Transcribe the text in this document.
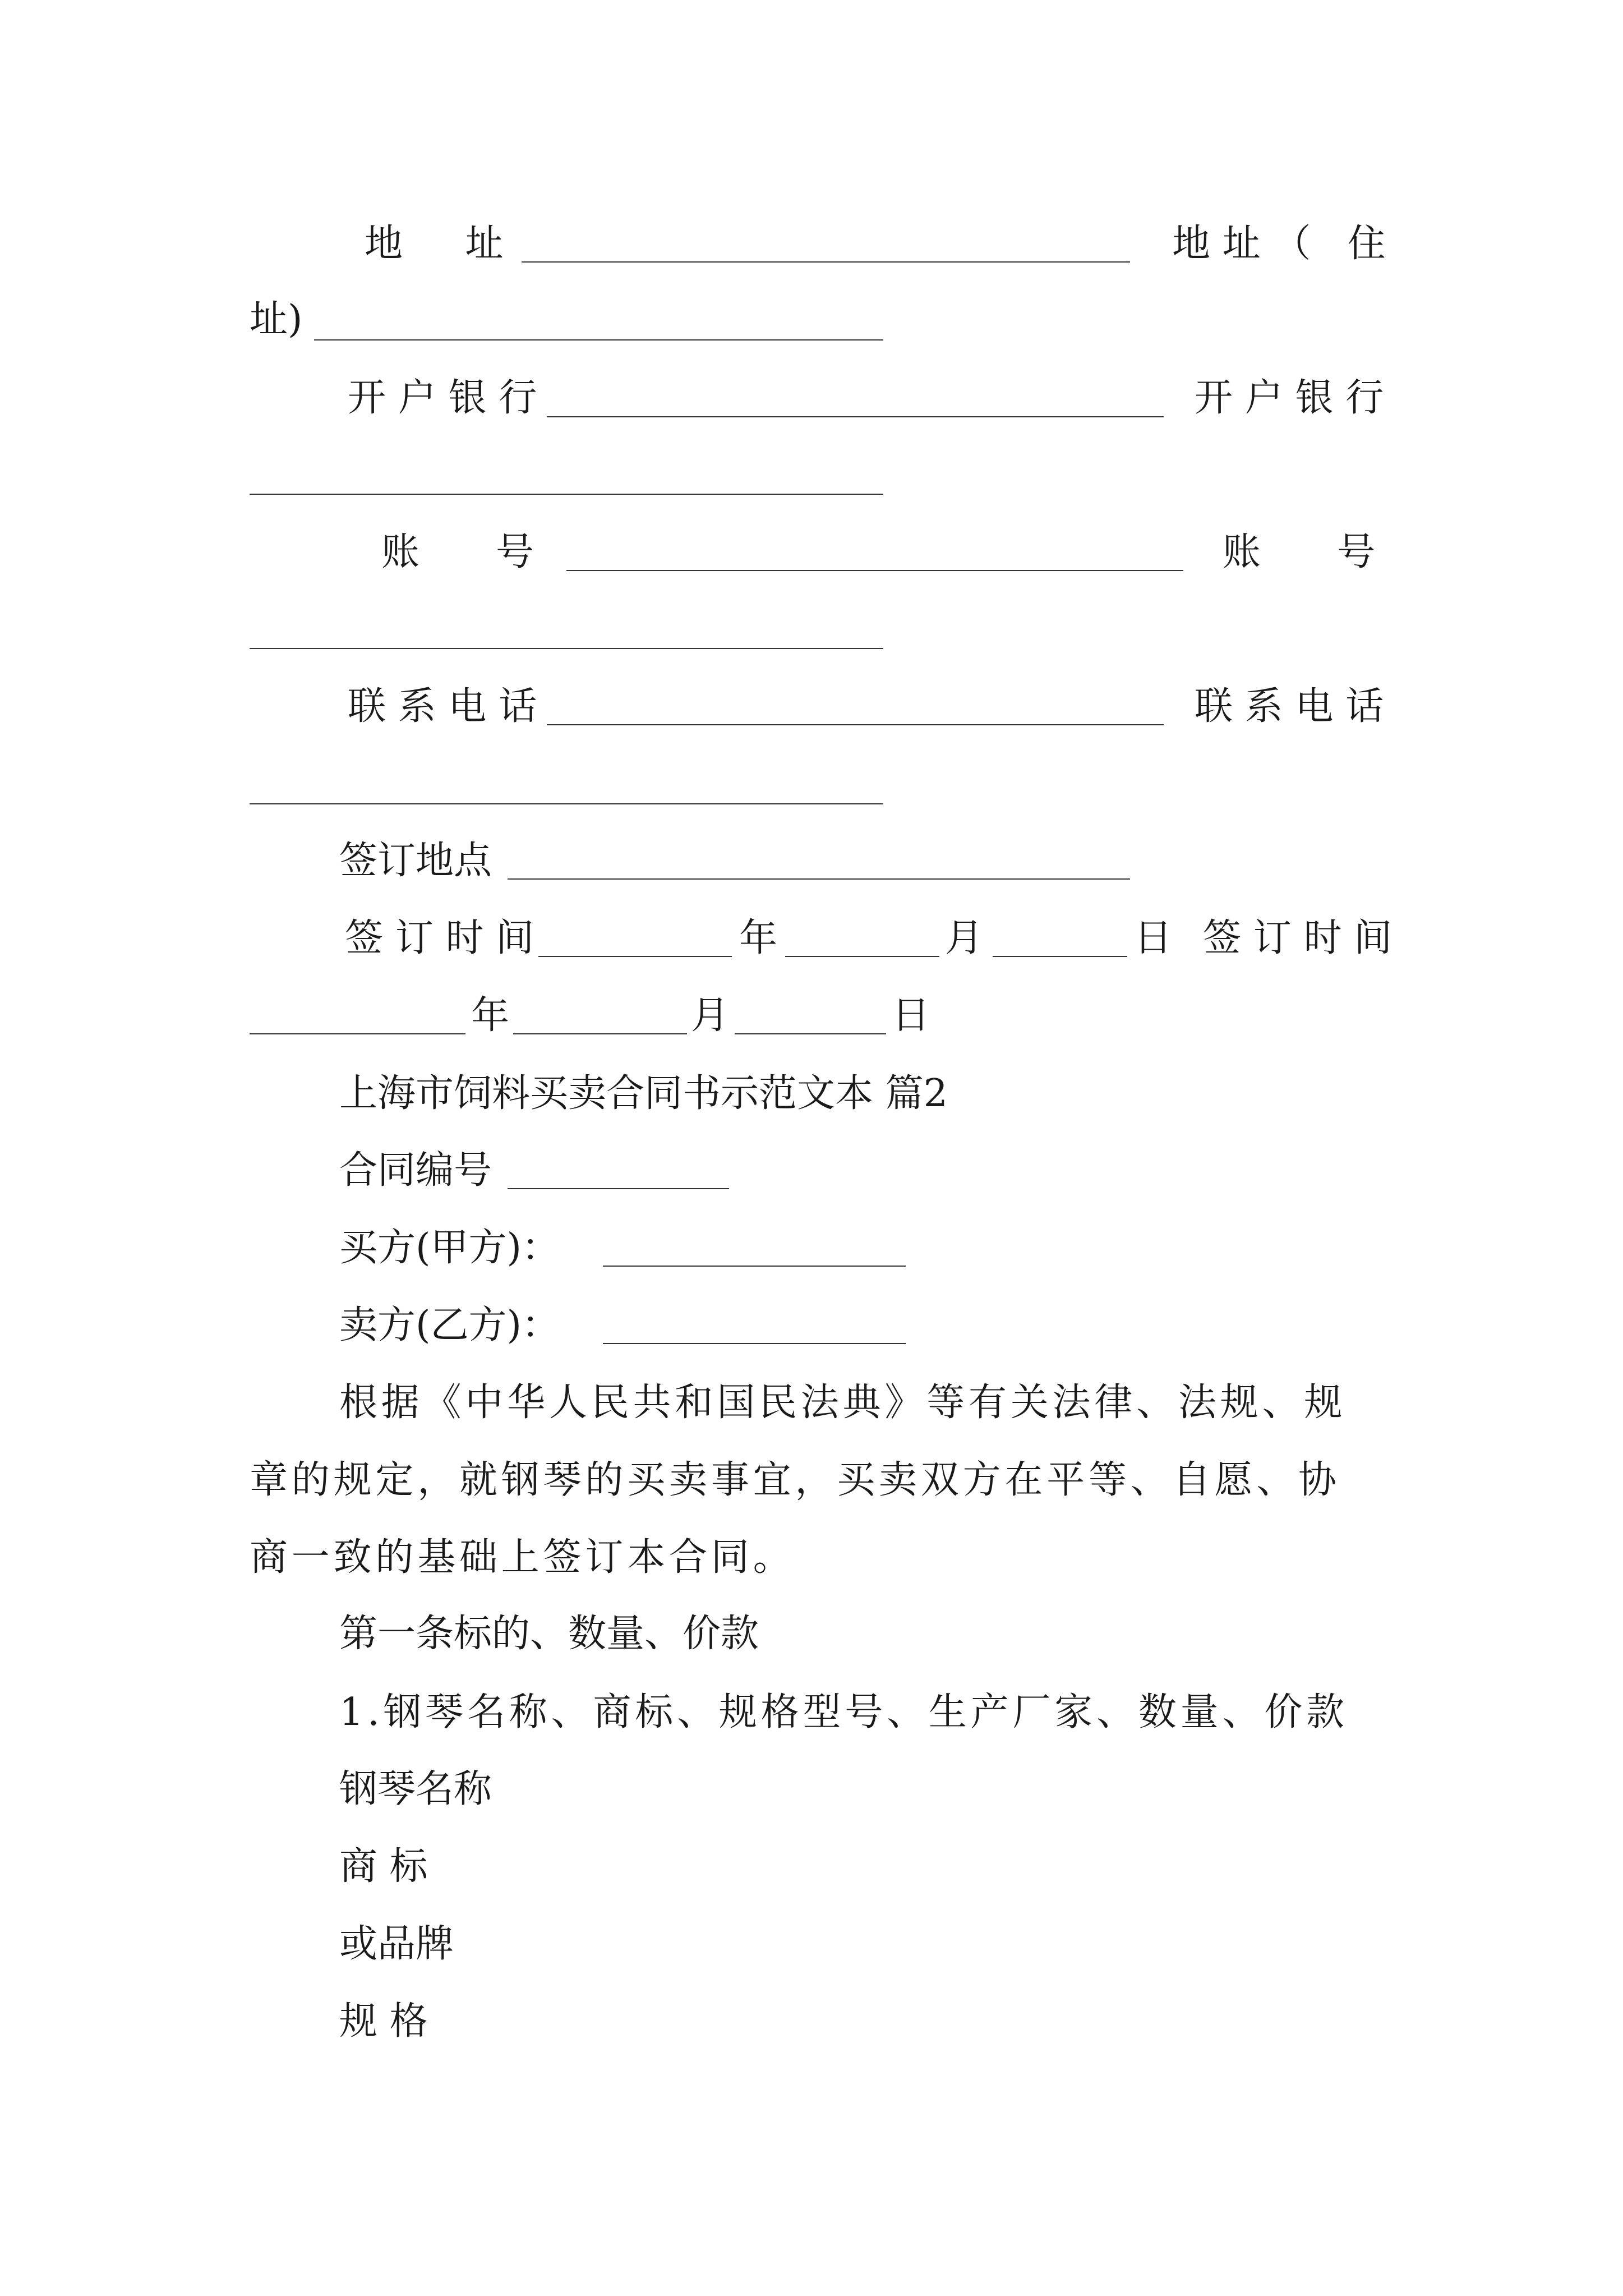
地　址	地址（ 住
址)
开户银行	开户银行
账　　号	账　　号
联系电话	联系电话
签订地点
签订时间	年	月	日 签订时间
年	月	日
上海市饲料买卖合同书示范文本 篇2
合同编号
买方(甲方)：
卖方(乙方)：
根据《中华人民共和国民法典》等有关法律、法规、规
章的规定，就钢琴的买卖事宜，买卖双方在平等、自愿、协
商一致的基础上签订本合同。
第一条标的、数量、价款
1.钢琴名称、商标、规格型号、生产厂家、数量、价款
钢琴名称
商 标
或品牌
规 格
